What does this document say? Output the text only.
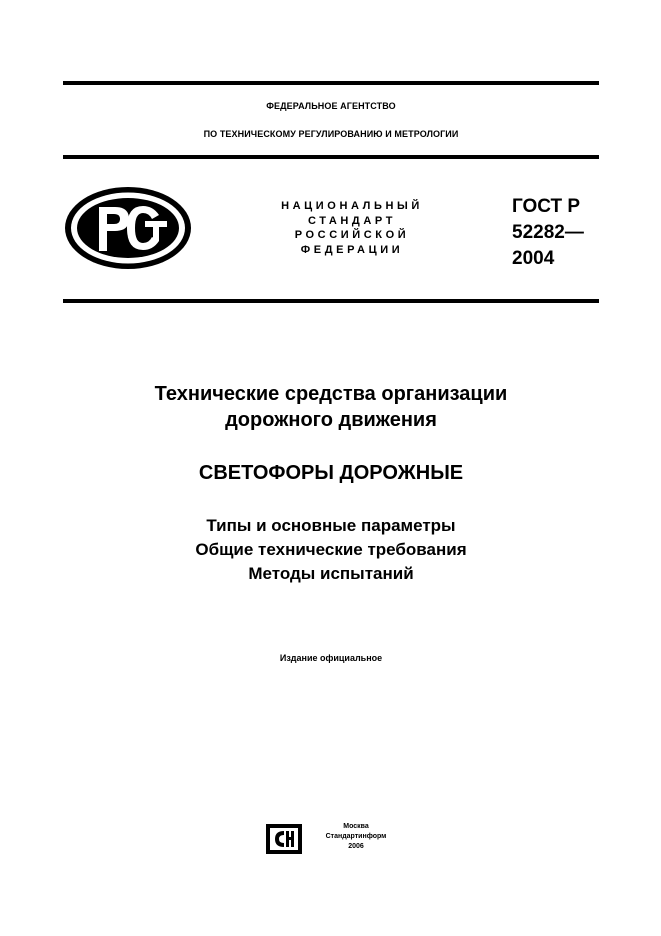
ФЕДЕРАЛЬНОЕ АГЕНТСТВО
ПО ТЕХНИЧЕСКОМУ РЕГУЛИРОВАНИЮ И МЕТРОЛОГИИ
НАЦИОНАЛЬНЫЙ
СТАНДАРТ
РОССИЙСКОЙ
ФЕДЕРАЦИИ
ГОСТ Р
52282—
2004
Технические средства организации
дорожного движения
СВЕТОФОРЫ ДОРОЖНЫЕ
Типы и основные параметры
Общие технические требования
Методы испытаний
Издание официальное
Москва
Стандартинформ
2006
